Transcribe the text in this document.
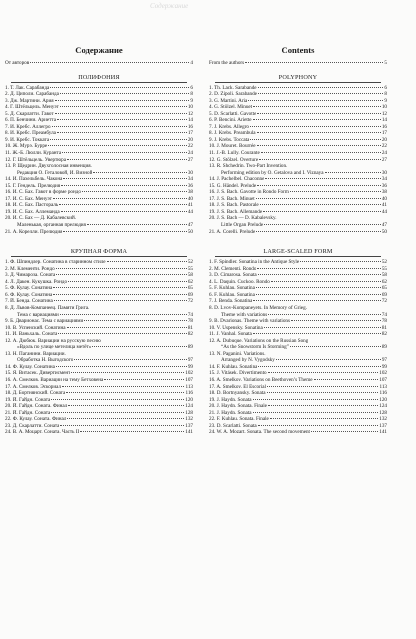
Содержание
Содержание
От авторов	4
ПОЛИФОНИЯ
1. Т. Лак. Сарабанда	6
2. Д. Циполи. Сарабанда	8
3. Дж. Мартини. Ария	9
4. Г. Штёльцель. Менуэт	10
5. Д. Скарлатти. Гавот	12
6. П. Бенчини. Ариетта	14
7. И. Кребс. Аллегро	16
8. И. Кребс. Преамбула	17
9. И. Кребс. Токката	20
10. Ж. Мурэ. Бурре	22
11. Ж.-Б. Люлли. Куранта	24
12. Г. Штёльцель. Увертюра	27
13. Р. Щедрин. Двухголосная инвенция.
Редакция О. Геталовой, И. Визной	30
14. И. Пахельбель. Чакона	34
15. Г. Гендель. Прелюдия	36
16. И. С. Бах. Гавот в форме рондо	38
17. И. С. Бах. Менуэт	40
18. И. С. Бах. Пастораль	41
19. И. С. Бах. Аллеманда	44
20. И. С. Бах — Д. Кабалевский.
Маленькая, органная прелюдия	47
21. А. Корелли. Прелюдия	50
КРУПНАЯ ФОРМА
1. Ф. Шпиндлер. Сонатина в старинном стиле	52
2. М. Клементи. Рондо	55
3. Д. Чимароза. Соната	58
4. Л. Дакен. Кукушка. Рондо	62
5. Ф. Кулау. Сонатина	65
6. Ф. Кулау. Сонатина	69
7. Й. Бенда. Сонатина	72
8. Д. Львов-Компанеец. Памяти Грига.
Тема с вариациями	74
9. Б. Дварионас. Тема с вариациями	78
10. В. Успенский. Сонатина	81
11. И. Ваньхаль. Соната	82
12. А. Дюбюк. Вариации на русскую песню
«Вдоль по улице метелица метёт»	89
13. Н. Паганини. Вариации.
Обработка Н. Выгодского	97
14. Ф. Кулау. Сонатина	99
15. Я. Витасек. Дивертисмент	102
16. А. Смелков. Вариации на тему Бетховена	107
17. А. Смелков. Эскориал	113
18. Д. Бортнянский. Соната	116
19. Й. Гайдн. Соната	120
20. Й. Гайдн. Соната. Финал	124
21. Й. Гайдн. Соната	128
22. Ф. Кулау. Соната. Финал	132
23. Д. Скарлатти. Соната	137
24. В. А. Моцарт. Соната. Часть II	141
Contents
From the authors	5
POLYPHONY
1. Th. Lack. Sarabande	6
2. D. Zipoli. Sarabande	8
3. G. Martini. Aria	9
4. G. Stölzel. Minuet	10
5. D. Scarlatti. Gavotte	12
6. P. Bencini. Ariette	14
7. J. Krebs. Allegro	16
8. J. Krebs. Preambula	17
9. J. Krebs. Toccata	20
10. J. Mouret. Bourrée	22
11. J.-B. Lully. Courante	24
12. G. Stölzel. Overture	27
13. R. Shchedrin. Two-Part Invention.
Performing edition by O. Getalova and I. Viznaya	30
14. J. Pachelbel. Chaconne	34
15. G. Händel. Prelude	36
16. J. S. Bach. Gavotte in Rondo Form	38
17. J. S. Bach. Minuet	40
18. J. S. Bach. Pastorale	41
19. J. S. Bach. Allemande	44
20. J. S. Bach — D. Kabalevsky.
Little Organ Prelude	47
21. A. Corelli. Prelude	50
LARGE-SCALED FORM
1. F. Spindler. Sonatina in the Antique Style	52
2. M. Clementi. Rondo	55
3. D. Cimarosa. Sonata	58
4. L. Daquin. Cuckoo. Rondo	62
5. F. Kuhlau. Sonatina	65
6. F. Kuhlau. Sonatina	69
7. J. Benda. Sonatina	72
8. D. Lvov-Kompaneyets. In Memory of Grieg.
Theme with variations	74
9. B. Dvarionas. Theme with variations	78
10. V. Uspensky. Sonatina	81
11. J. Vanhal. Sonata	82
12. A. Dubuque. Variations on the Russian Song
“As the Snowstorm Is Storming”	89
13. N. Paganini. Variations.
Arranged by N. Vygodsky	97
14. F. Kuhlau. Sonatina	99
15. J. Vitásek. Divertimento	102
16. A. Smelkov. Variations on Beethoven’s Theme	107
17. A. Smelkov. El Escorial	113
18. D. Bortnyansky. Sonata	116
19. J. Haydn. Sonata	120
20. J. Haydn. Sonata. Finale	124
21. J. Haydn. Sonata	128
22. F. Kuhlau. Sonata. Finale	132
23. D. Scarlatti. Sonata	137
24. W. A. Mozart. Sonata. The second movement	141
